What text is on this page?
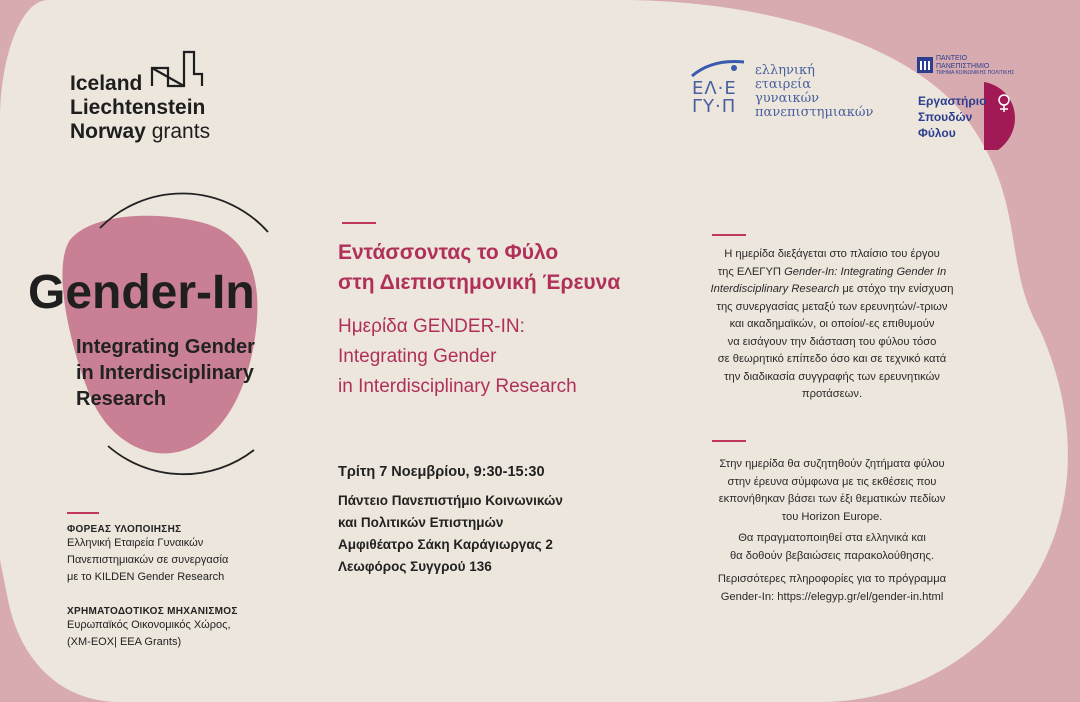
Iceland
Liechtenstein
Norway grants
ΕΛ·Ε
ΓΥ·Π
ελληνική
εταιρεία
γυναικών
πανεπιστημιακών
ΠΑΝΤΕΙΟ
ΠΑΝΕΠΙΣΤΗΜΙΟ
ΤΜΗΜΑ ΚΟΙΝΩΝΙΚΗΣ ΠΟΛΙΤΙΚΗΣ
Εργαστήριο
Σπουδών
Φύλου
Gender-In
Integrating Gender
in Interdisciplinary
Research
ΦΟΡΕΑΣ ΥΛΟΠΟΙΗΣΗΣ
Ελληνική Εταιρεία Γυναικών
Πανεπιστημιακών σε συνεργασία
με το KILDEN Gender Research
ΧΡΗΜΑΤΟΔΟΤΙΚΟΣ ΜΗΧΑΝΙΣΜΟΣ
Ευρωπαϊκός Οικονομικός Χώρος,
(ΧΜ-ΕΟΧ| EEA Grants)
Εντάσσοντας το Φύλο
στη Διεπιστημονική Έρευνα
Ημερίδα GENDER-IN:
Integrating Gender
in Interdisciplinary Research
Τρίτη 7 Νοεμβρίου, 9:30-15:30
Πάντειο Πανεπιστήμιο Κοινωνικών
και Πολιτικών Επιστημών
Αμφιθέατρο Σάκη Καράγιωργας 2
Λεωφόρος Συγγρού 136
Η ημερίδα διεξάγεται στο πλαίσιο του έργου
της ΕΛΕΓΥΠ Gender-In: Integrating Gender In
Interdisciplinary Research με στόχο την ενίσχυση
της συνεργασίας μεταξύ των ερευνητών/-τριων
και ακαδημαϊκών, οι οποίοι/-ες επιθυμούν
να εισάγουν την διάσταση του φύλου τόσο
σε θεωρητικό επίπεδο όσο και σε τεχνικό κατά
την διαδικασία συγγραφής των ερευνητικών
προτάσεων.
Στην ημερίδα θα συζητηθούν ζητήματα φύλου
στην έρευνα σύμφωνα με τις εκθέσεις που
εκπονήθηκαν βάσει των έξι θεματικών πεδίων
του Horizon Europe.
Θα πραγματοποιηθεί στα ελληνικά και
θα δοθούν βεβαιώσεις παρακολούθησης.
Περισσότερες πληροφορίες για το πρόγραμμα
Gender-In: https://elegyp.gr/el/gender-in.html
